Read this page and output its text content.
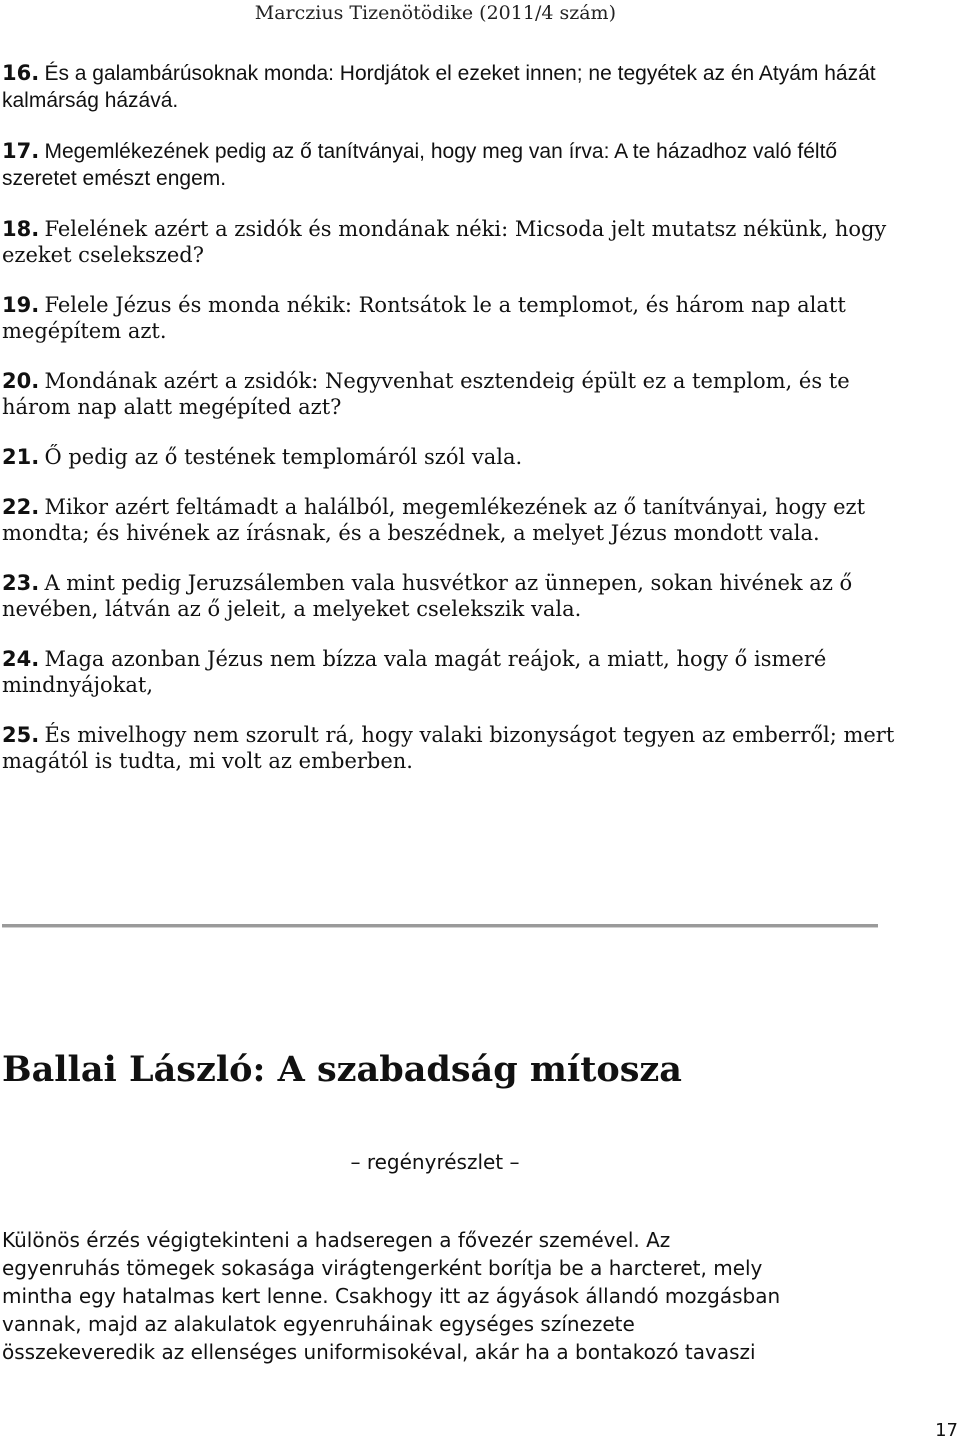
Marczius Tizenötödike (2011/4 szám)

16. És a galambárúsoknak monda: Hordjátok el ezeket innen; ne tegyétek az én Atyám házát kalmárság házává.

17. Megemlékezének pedig az ő tanítványai, hogy meg van írva: A te házadhoz való féltő szeretet emészt engem.

18. Felelének azért a zsidók és mondának néki: Micsoda jelt mutatsz nékünk, hogy ezeket cselekszed?

19. Felele Jézus és monda nékik: Rontsátok le a templomot, és három nap alatt megépítem azt.

20. Mondának azért a zsidók: Negyvenhat esztendeig épült ez a templom, és te három nap alatt megépíted azt?

21. Ő pedig az ő testének templomáról szól vala.

22. Mikor azért feltámadt a halálból, megemlékezének az ő tanítványai, hogy ezt mondta; és hivének az írásnak, és a beszédnek, a melyet Jézus mondott vala.

23. A mint pedig Jeruzsálemben vala husvétkor az ünnepen, sokan hivének az ő nevében, látván az ő jeleit, a melyeket cselekszik vala.

24. Maga azonban Jézus nem bízza vala magát reájok, a miatt, hogy ő ismeré mindnyájokat,

25. És mivelhogy nem szorult rá, hogy valaki bizonyságot tegyen az emberről; mert magától is tudta, mi volt az emberben.

Ballai László: A szabadság mítosza
– regényrészlet –

Különös érzés végigtekinteni a hadseregen a fővezér szemével. Az
egyenruhás tömegek sokasága virágtengerként borítja be a harcteret, mely
mintha egy hatalmas kert lenne. Csakhogy itt az ágyások állandó mozgásban
vannak, majd az alakulatok egyenruháinak egységes színezete
összekeveredik az ellenséges uniformisokéval, akár ha a bontakozó tavaszi

17
